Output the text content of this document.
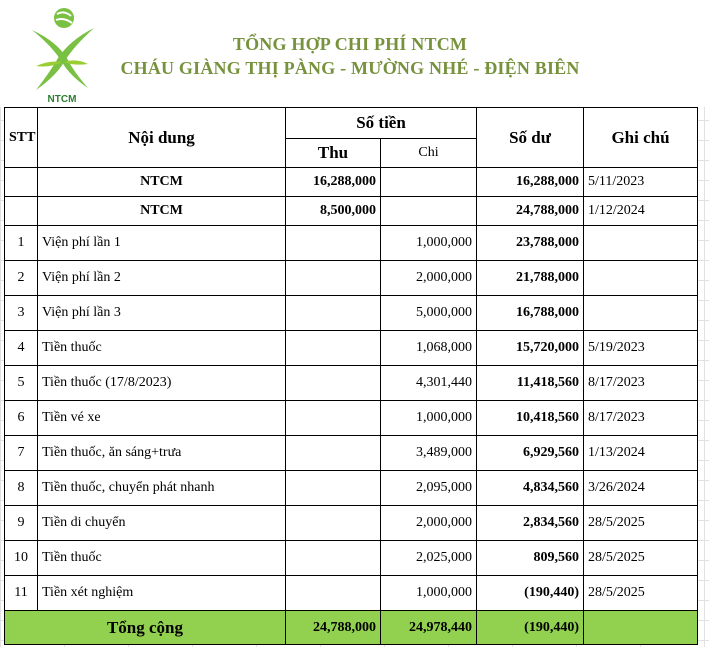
NTCM
TỔNG HỢP CHI PHÍ NTCM
CHÁU GIÀNG THỊ PÀNG - MƯỜNG NHÉ - ĐIỆN BIÊN
STT	Nội dung	Số tiền		Số dư	Ghi chú
		Thu	Chi		
	NTCM	16,288,000		16,288,000	5/11/2023
	NTCM	8,500,000		24,788,000	1/12/2024
1	Viện phí lần 1		1,000,000	23,788,000	
2	Viện phí lần 2		2,000,000	21,788,000	
3	Viện phí lần 3		5,000,000	16,788,000	
4	Tiền thuốc		1,068,000	15,720,000	5/19/2023
5	Tiền thuốc (17/8/2023)		4,301,440	11,418,560	8/17/2023
6	Tiền vé xe		1,000,000	10,418,560	8/17/2023
7	Tiền thuốc, ăn sáng+trưa		3,489,000	6,929,560	1/13/2024
8	Tiền thuốc, chuyển phát nhanh		2,095,000	4,834,560	3/26/2024
9	Tiền di chuyển		2,000,000	2,834,560	28/5/2025
10	Tiền thuốc		2,025,000	809,560	28/5/2025
11	Tiền xét nghiệm		1,000,000	(190,440)	28/5/2025
Tổng cộng		24,788,000	24,978,440	(190,440)	
